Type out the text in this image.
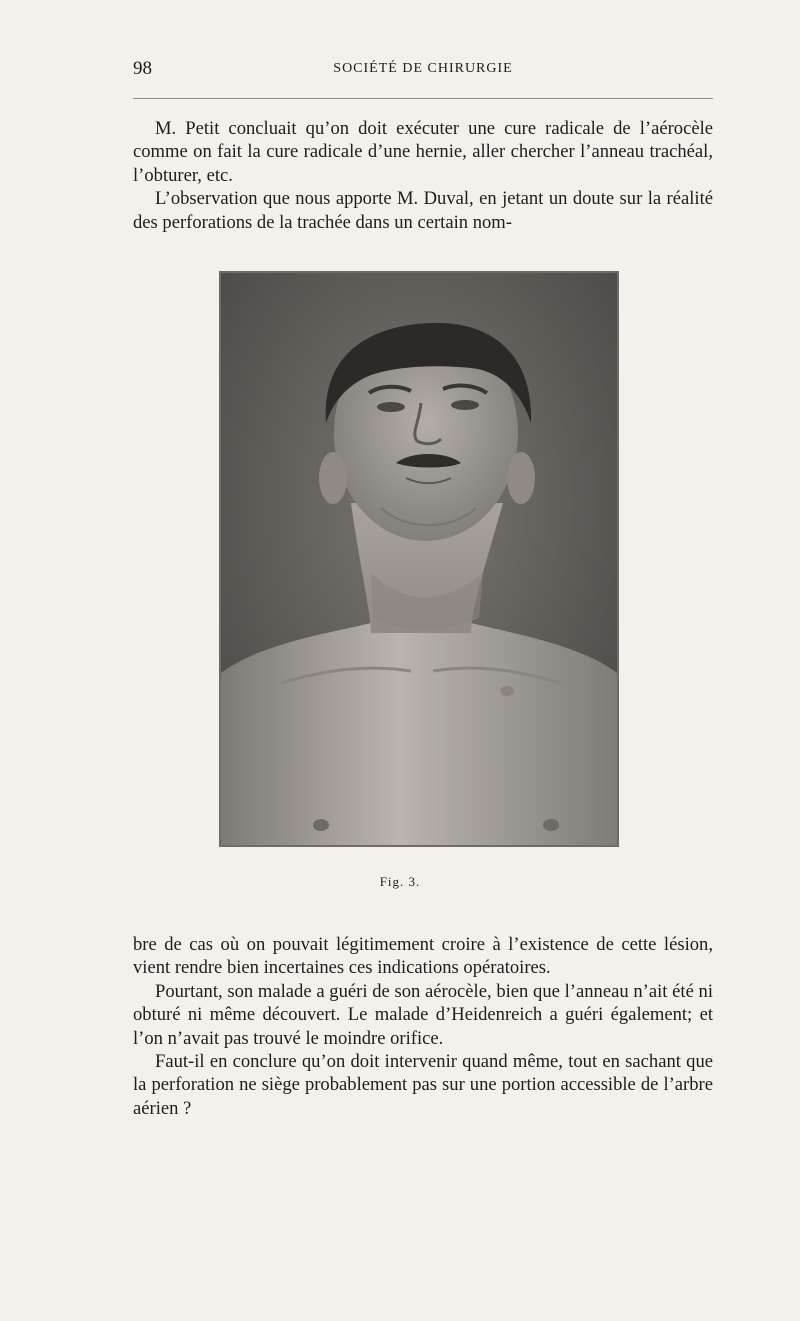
98	SOCIÉTÉ DE CHIRURGIE

M. Petit concluait qu’on doit exécuter une cure radicale de l’aérocèle comme on fait la cure radicale d’une hernie, aller chercher l’anneau trachéal, l’obturer, etc.

L’observation que nous apporte M. Duval, en jetant un doute sur la réalité des perforations de la trachée dans un certain nom-

Fig. 3.

bre de cas où on pouvait légitimement croire à l’existence de cette lésion, vient rendre bien incertaines ces indications opératoires.

Pourtant, son malade a guéri de son aérocèle, bien que l’anneau n’ait été ni obturé ni même découvert. Le malade d’Heidenreich a guéri également; et l’on n’avait pas trouvé le moindre orifice.

Faut-il en conclure qu’on doit intervenir quand même, tout en sachant que la perforation ne siège probablement pas sur une portion accessible de l’arbre aérien ?
